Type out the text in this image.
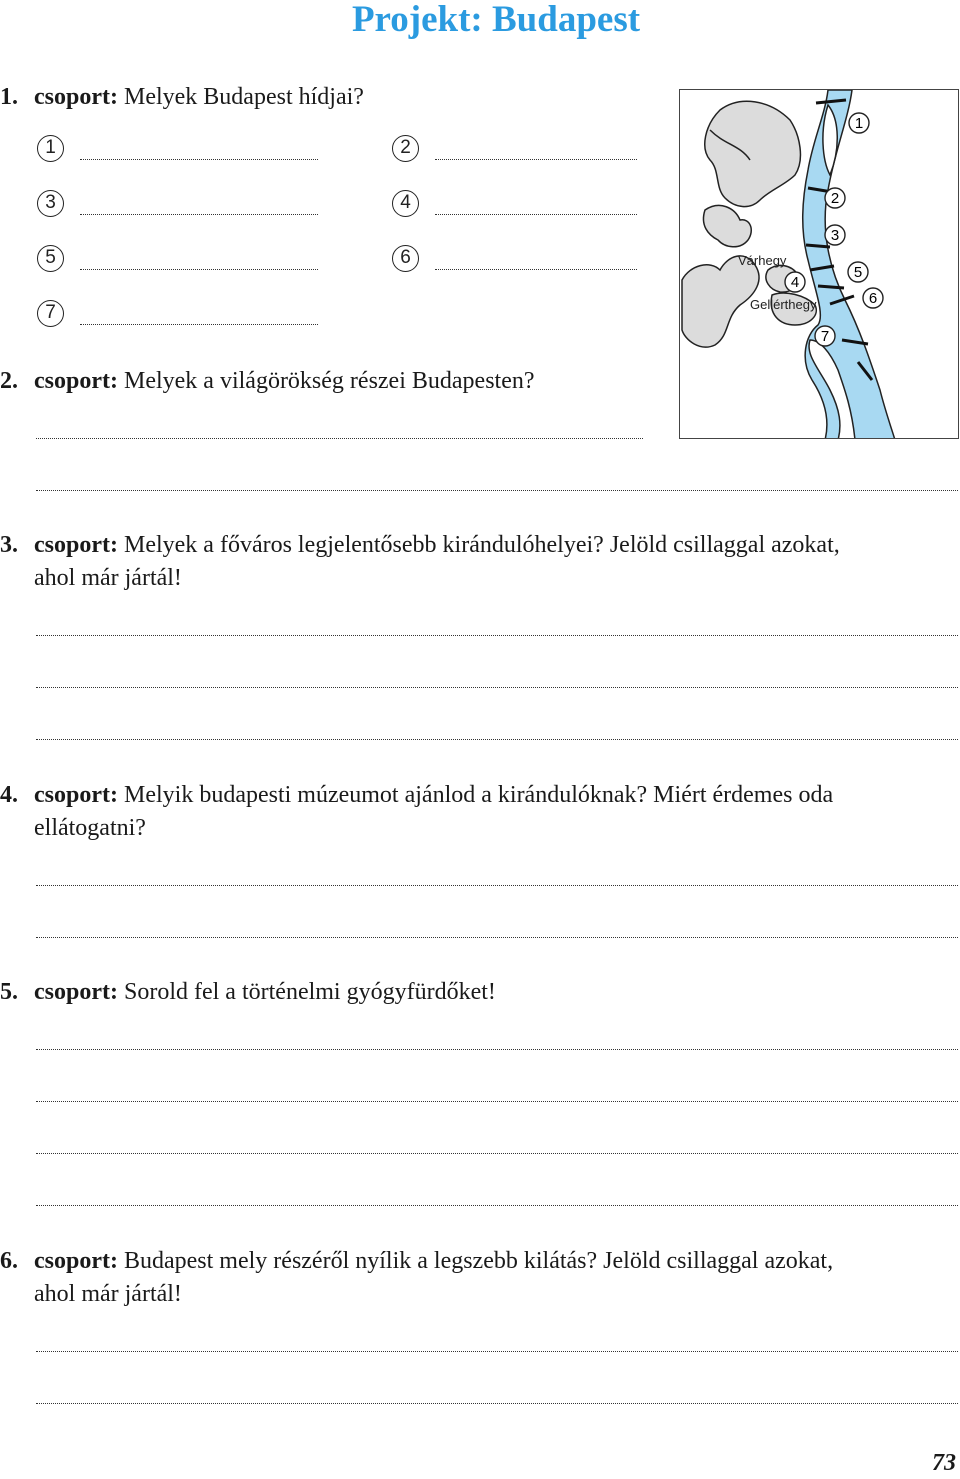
Projekt: Budapest
1. csoport: Melyek Budapest hídjai?
1	2
3	4
5	6
7
1
2
3
4
5
6
7
Várhegy
Gellérthegy
2. csoport: Melyek a világörökség részei Budapesten?
3. csoport: Melyek a főváros legjelentősebb kirándulóhelyei? Jelöld csillaggal azokat,
ahol már jártál!
4. csoport: Melyik budapesti múzeumot ajánlod a kirándulóknak? Miért érdemes oda
ellátogatni?
5. csoport: Sorold fel a történelmi gyógyfürdőket!
6. csoport: Budapest mely részéről nyílik a legszebb kilátás? Jelöld csillaggal azokat,
ahol már jártál!
73
